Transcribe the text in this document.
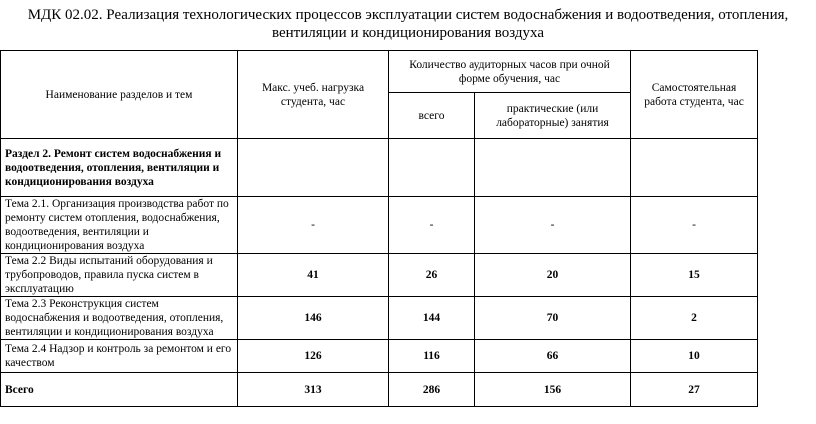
МДК 02.02. Реализация технологических процессов эксплуатации систем водоснабжения и водоотведения, отопления,
вентиляции и кондиционирования воздуха
Наименование разделов и тем	Макс. учеб. нагрузка студента, час	Количество аудиторных часов при очной форме обучения, час		Самостоятельная работа студента, час
		всего	практические (или лабораторные) занятия	
Раздел 2. Ремонт систем водоснабжения и водоотведения, отопления, вентиляции и кондиционирования воздуха				
Тема 2.1. Организация производства работ по ремонту систем отопления, водоснабжения, водоотведения, вентиляции и кондиционирования воздуха	-	-	-	-
Тема 2.2 Виды испытаний оборудования и трубопроводов, правила пуска систем в эксплуатацию	41	26	20	15
Тема 2.3 Реконструкция систем водоснабжения и водоотведения, отопления, вентиляции и кондиционирования воздуха	146	144	70	2
Тема 2.4 Надзор и контроль за ремонтом и его качеством	126	116	66	10
Всего	313	286	156	27
